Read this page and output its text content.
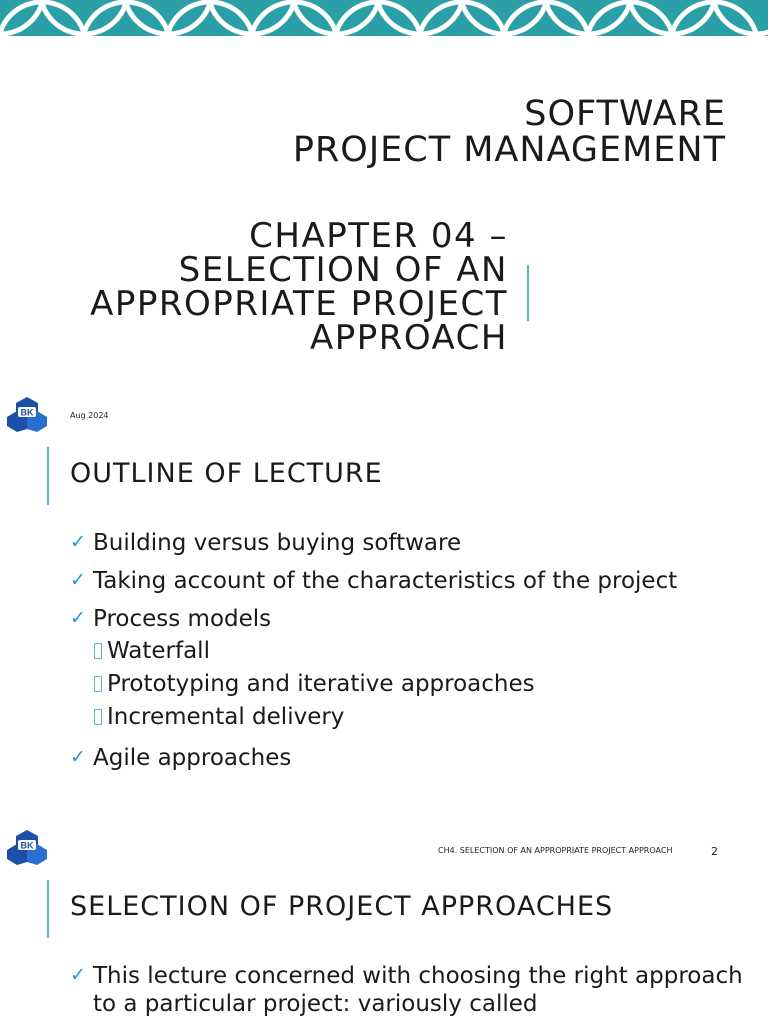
SOFTWARE
PROJECT MANAGEMENT
CHAPTER 04 –
SELECTION OF AN
APPROPRIATE PROJECT
APPROACH
BK	Aug 2024
OUTLINE OF LECTURE
✓ Building versus buying software
✓ Taking account of the characteristics of the project
✓ Process models
Waterfall
Prototyping and iterative approaches
Incremental delivery
✓ Agile approaches
BK	CH4. SELECTION OF AN APPROPRIATE PROJECT APPROACH	2
SELECTION OF PROJECT APPROACHES
✓ This lecture concerned with choosing the right approach to a particular project: variously called
